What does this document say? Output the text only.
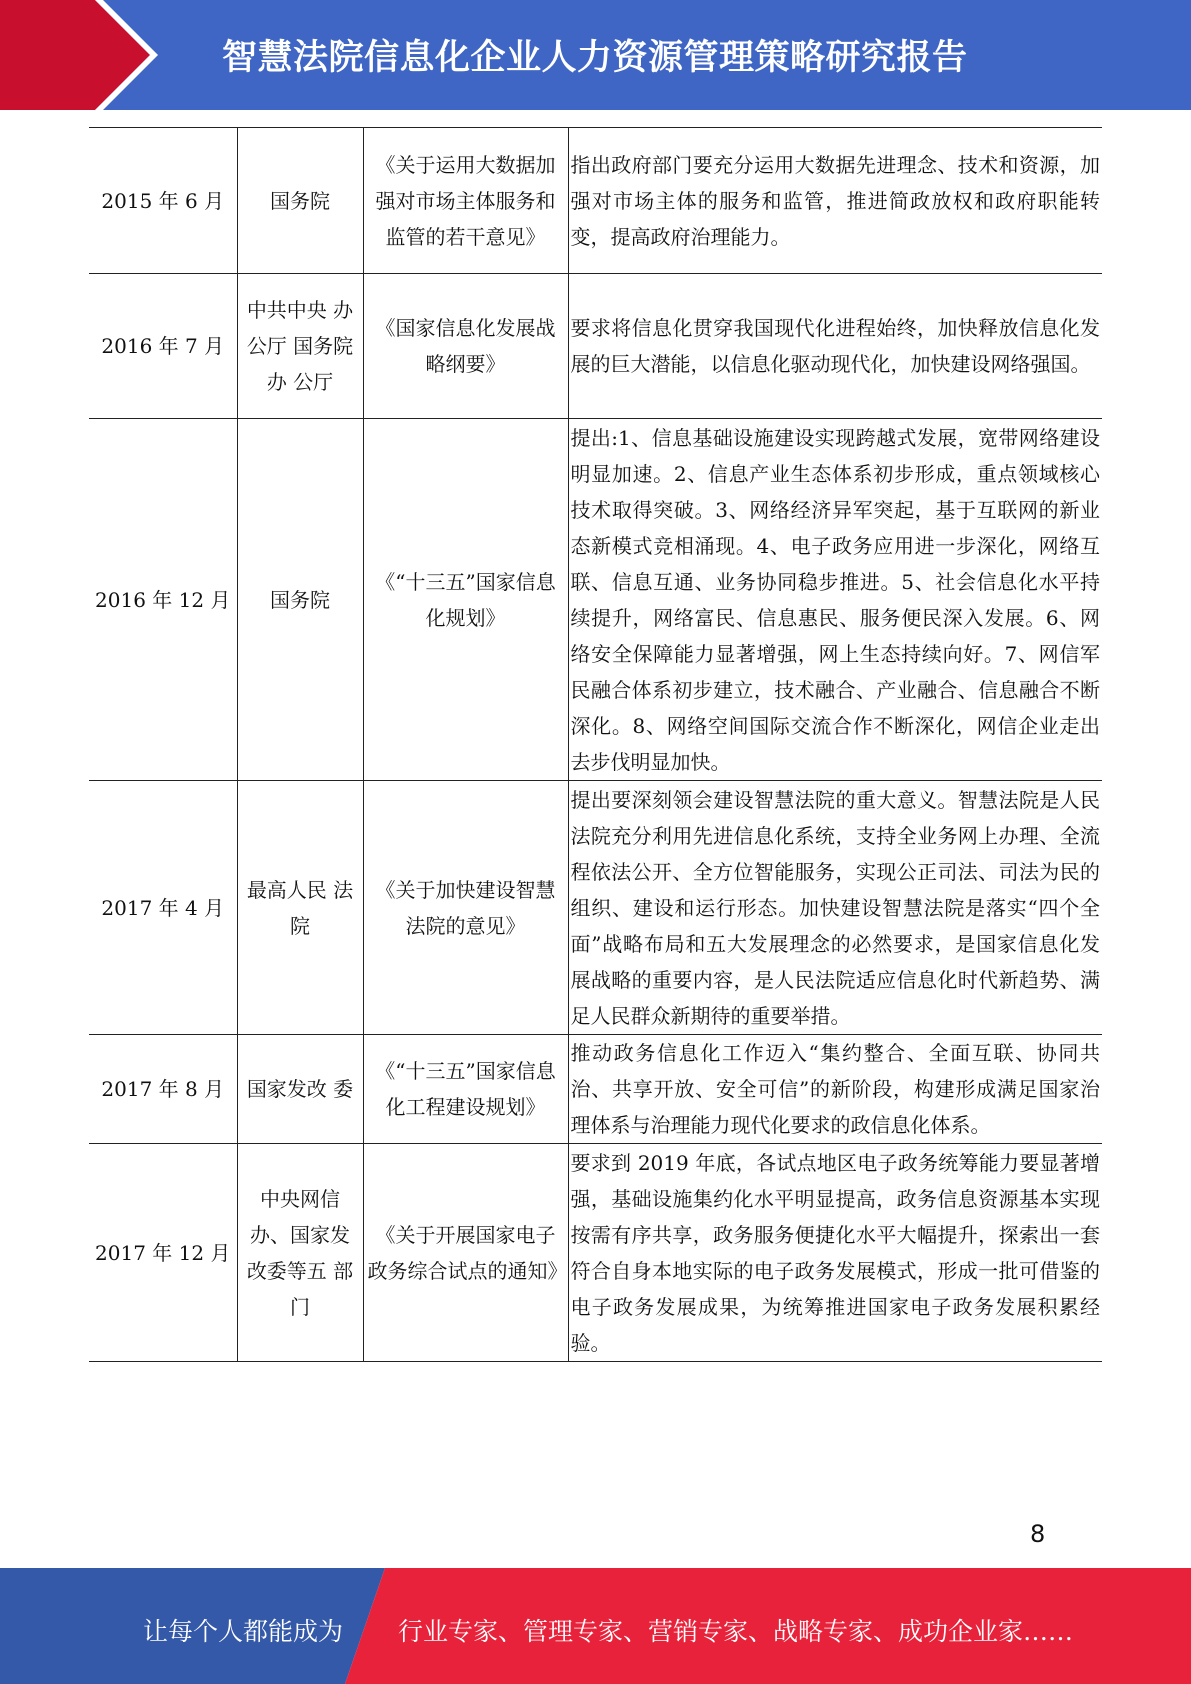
智慧法院信息化企业人力资源管理策略研究报告
2015 年 6 月	国务院	《关于运用大数据加强对市场主体服务和监管的若干意见》	指出政府部门要充分运用大数据先进理念、技术和资源，加强对市场主体的服务和监管，推进简政放权和政府职能转变，提高政府治理能力。
2016 年 7 月	中共中央 办公厅 国务院办 公厅	《国家信息化发展战略纲要》	要求将信息化贯穿我国现代化进程始终，加快释放信息化发展的巨大潜能，以信息化驱动现代化，加快建设网络强国。
2016 年 12 月	国务院	《“十三五”国家信息化规划》	提出:1、信息基础设施建设实现跨越式发展，宽带网络建设明显加速。2、信息产业生态体系初步形成，重点领域核心技术取得突破。3、网络经济异军突起，基于互联网的新业态新模式竞相涌现。4、电子政务应用进一步深化，网络互联、信息互通、业务协同稳步推进。5、社会信息化水平持续提升，网络富民、信息惠民、服务便民深入发展。6、网络安全保障能力显著增强，网上生态持续向好。7、网信军民融合体系初步建立，技术融合、产业融合、信息融合不断深化。8、网络空间国际交流合作不断深化，网信企业走出去步伐明显加快。
2017 年 4 月	最高人民 法院	《关于加快建设智慧法院的意见》	提出要深刻领会建设智慧法院的重大意义。智慧法院是人民法院充分利用先进信息化系统，支持全业务网上办理、全流程依法公开、全方位智能服务，实现公正司法、司法为民的组织、建设和运行形态。加快建设智慧法院是落实“四个全面”战略布局和五大发展理念的必然要求，是国家信息化发展战略的重要内容，是人民法院适应信息化时代新趋势、满足人民群众新期待的重要举措。
2017 年 8 月	国家发改 委	《“十三五”国家信息化工程建设规划》	推动政务信息化工作迈入“集约整合、全面互联、协同共治、共享开放、安全可信”的新阶段，构建形成满足国家治理体系与治理能力现代化要求的政信息化体系。
2017 年 12 月	中央网信办、国家发改委等五 部门	《关于开展国家电子政务综合试点的通知》	要求到 2019 年底，各试点地区电子政务统筹能力要显著增强，基础设施集约化水平明显提高，政务信息资源基本实现按需有序共享，政务服务便捷化水平大幅提升，探索出一套符合自身本地实际的电子政务发展模式，形成一批可借鉴的电子政务发展成果，为统筹推进国家电子政务发展积累经验。
8
让每个人都能成为 行业专家、管理专家、营销专家、战略专家、成功企业家……
